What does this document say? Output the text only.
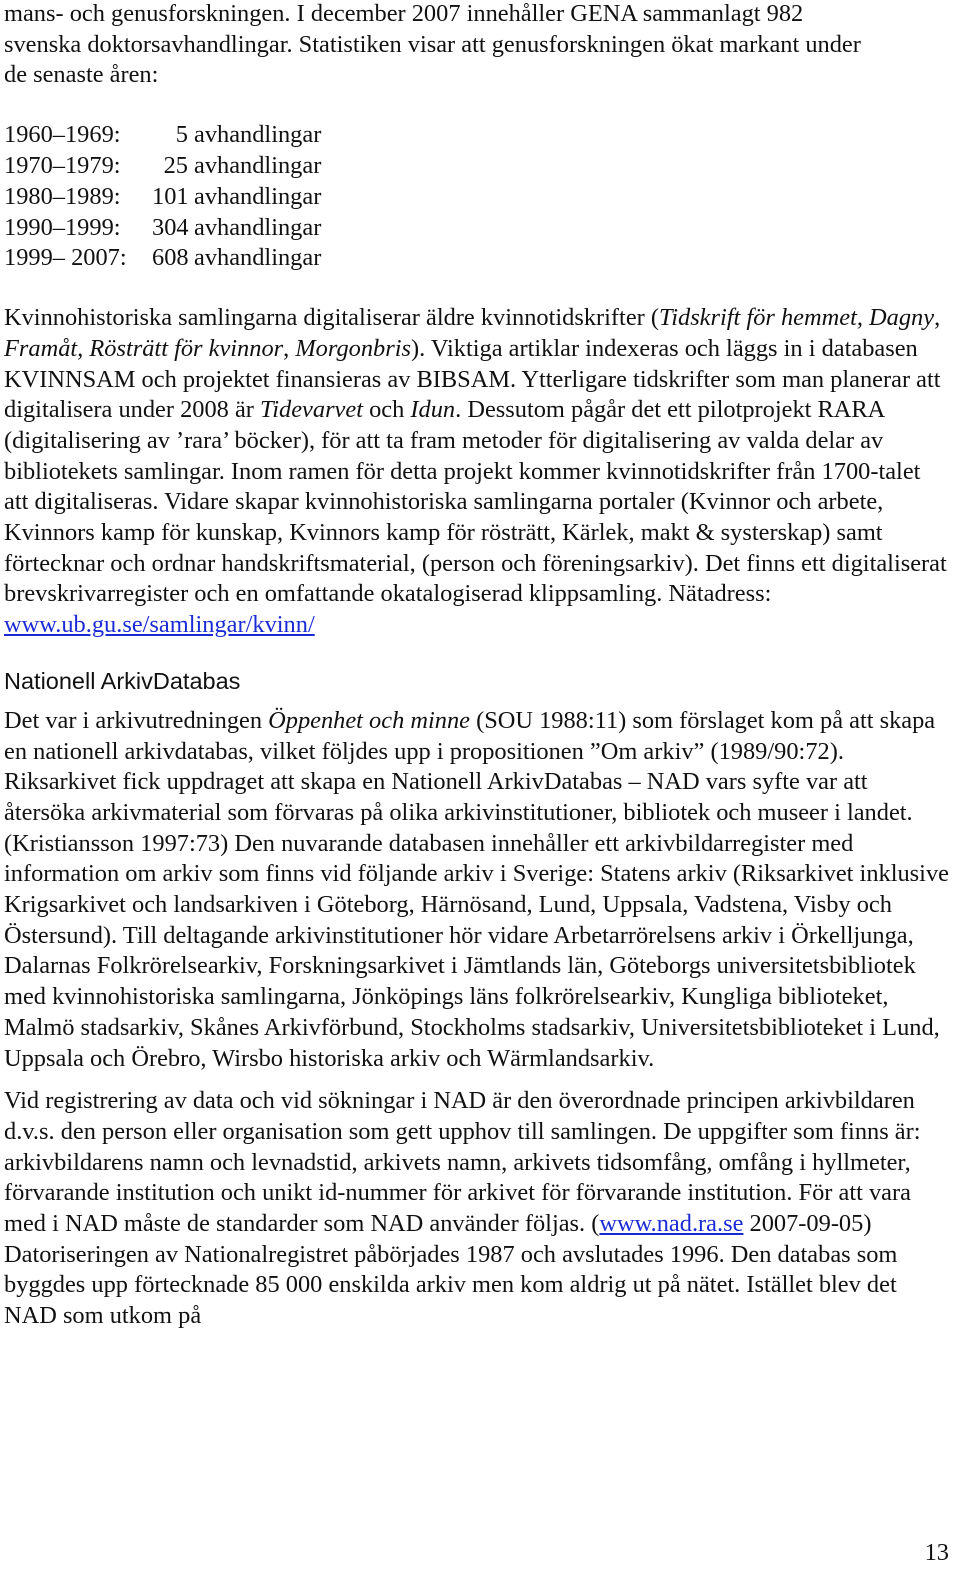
mans- och genusforskningen. I december 2007 innehåller GENA sammanlagt 982
svenska doktorsavhandlingar. Statistiken visar att genusforskningen ökat markant under
de senaste åren:

1960–1969:	5 avhandlingar
1970–1979:	25 avhandlingar
1980–1989:	101 avhandlingar
1990–1999:	304 avhandlingar
1999– 2007:	608 avhandlingar

Kvinnohistoriska samlingarna digitaliserar äldre kvinnotidskrifter (Tidskrift för hemmet, Dagny, Framåt, Rösträtt för kvinnor, Morgonbris). Viktiga artiklar indexeras och läggs in i databasen KVINNSAM och projektet finansieras av BIBSAM. Ytterligare tidskrifter som man planerar att digitalisera under 2008 är Tidevarvet och Idun. Dessutom pågår det ett pilotprojekt RARA (digitalisering av ’rara’ böcker), för att ta fram metoder för digitalisering av valda delar av bibliotekets samlingar. Inom ramen för detta projekt kommer kvinnotidskrifter från 1700-talet att digitaliseras. Vidare skapar kvinnohistoriska samlingarna portaler (Kvinnor och arbete, Kvinnors kamp för kunskap, Kvinnors kamp för rösträtt, Kärlek, makt & systerskap) samt förtecknar och ordnar handskriftsmaterial, (person och föreningsarkiv). Det finns ett digitaliserat brevskrivarregister och en omfattande okatalogiserad klippsamling. Nätadress: www.ub.gu.se/samlingar/kvinn/

Nationell ArkivDatabas

Det var i arkivutredningen Öppenhet och minne (SOU 1988:11) som förslaget kom på att skapa en nationell arkivdatabas, vilket följdes upp i propositionen ”Om arkiv” (1989/90:72). Riksarkivet fick uppdraget att skapa en Nationell ArkivDatabas – NAD vars syfte var att återsöka arkivmaterial som förvaras på olika arkivinstitutioner, bibliotek och museer i landet. (Kristiansson 1997:73) Den nuvarande databasen innehåller ett arkivbildarregister med information om arkiv som finns vid följande arkiv i Sverige: Statens arkiv (Riksarkivet inklusive Krigsarkivet och landsarkiven i Göteborg, Härnösand, Lund, Uppsala, Vadstena, Visby och Östersund). Till deltagande arkivinstitutioner hör vidare Arbetarrörelsens arkiv i Örkelljunga, Dalarnas Folkrörelsearkiv, Forskningsarkivet i Jämtlands län, Göteborgs universitetsbibliotek med kvinnohistoriska samlingarna, Jönköpings läns folkrörelsearkiv, Kungliga biblioteket, Malmö stadsarkiv, Skånes Arkivförbund, Stockholms stadsarkiv, Universitetsbiblioteket i Lund, Uppsala och Örebro, Wirsbo historiska arkiv och Wärmlandsarkiv.

Vid registrering av data och vid sökningar i NAD är den överordnade principen arkivbildaren d.v.s. den person eller organisation som gett upphov till samlingen. De uppgifter som finns är: arkivbildarens namn och levnadstid, arkivets namn, arkivets tidsomfång, omfång i hyllmeter, förvarande institution och unikt id-nummer för arkivet för förvarande institution. För att vara med i NAD måste de standarder som NAD använder följas. (www.nad.ra.se 2007-09-05) Datoriseringen av Nationalregistret påbörjades 1987 och avslutades 1996. Den databas som byggdes upp förtecknade 85 000 enskilda arkiv men kom aldrig ut på nätet. Istället blev det NAD som utkom på

13
